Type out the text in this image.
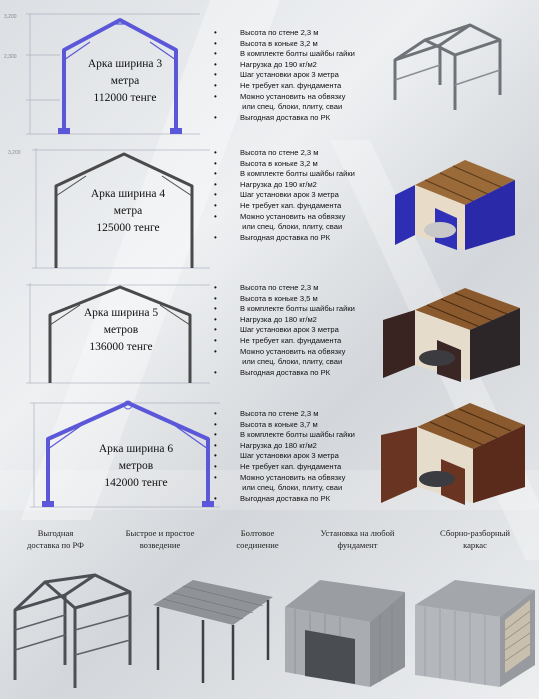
3,200
2,300
Арка ширина 3
метра
112000 тенге
• Высота по стене 2,3 м
• Высота в коньке 3,2 м
• В комплекте болты шайбы гайки
• Нагрузка до 190 кг/м2
• Шаг установки арок 3 метра
• Не требует кап. фундамента
• Можно установить на обвязку
или спец. блоки, плиту, сваи
• Выгодная доставка по РК
3,200
Арка ширина 4
метра
125000 тенге
• Высота по стене 2,3 м
• Высота в коньке 3,2 м
• В комплекте болты шайбы гайки
• Нагрузка до 190 кг/м2
• Шаг установки арок 3 метра
• Не требует кап. фундамента
• Можно установить на обвязку
или спец. блоки, плиту, сваи
• Выгодная доставка по РК
Арка ширина 5
метров
136000 тенге
• Высота по стене 2,3 м
• Высота в коньке 3,5 м
• В комплекте болты шайбы гайки
• Нагрузка до 180 кг/м2
• Шаг установки арок 3 метра
• Не требует кап. фундамента
• Можно установить на обвязку
или спец. блоки, плиту, сваи
• Выгодная доставка по РК
Арка ширина 6
метров
142000 тенге
• Высота по стене 2,3 м
• Высота в коньке 3,7 м
• В комплекте болты шайбы гайки
• Нагрузка до 180 кг/м2
• Шаг установки арок 3 метра
• Не требует кап. фундамента
• Можно установить на обвязку
или спец. блоки, плиту, сваи
• Выгодная доставка по РК
Выгодная
доставка по РФ
Быстрое и простое
возведение
Болтовое
соединение
Установка на любой
фундамент
Сборно-разборный
каркас
